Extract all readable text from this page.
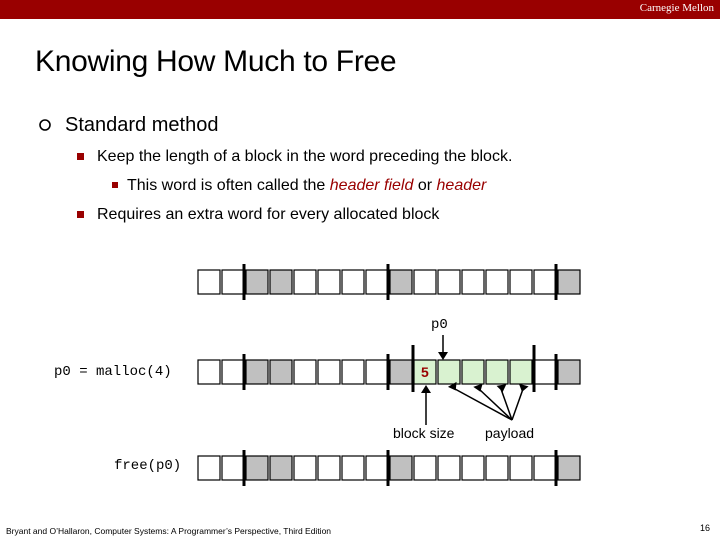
Carnegie Mellon
Knowing How Much to Free
Standard method
Keep the length of a block in the word preceding the block.
This word is often called the header field or header
Requires an extra word for every allocated block
p0
p0 = malloc(4)	5
block size payload
free(p0)
Bryant and O’Hallaron, Computer Systems: A Programmer’s Perspective, Third Edition	16
